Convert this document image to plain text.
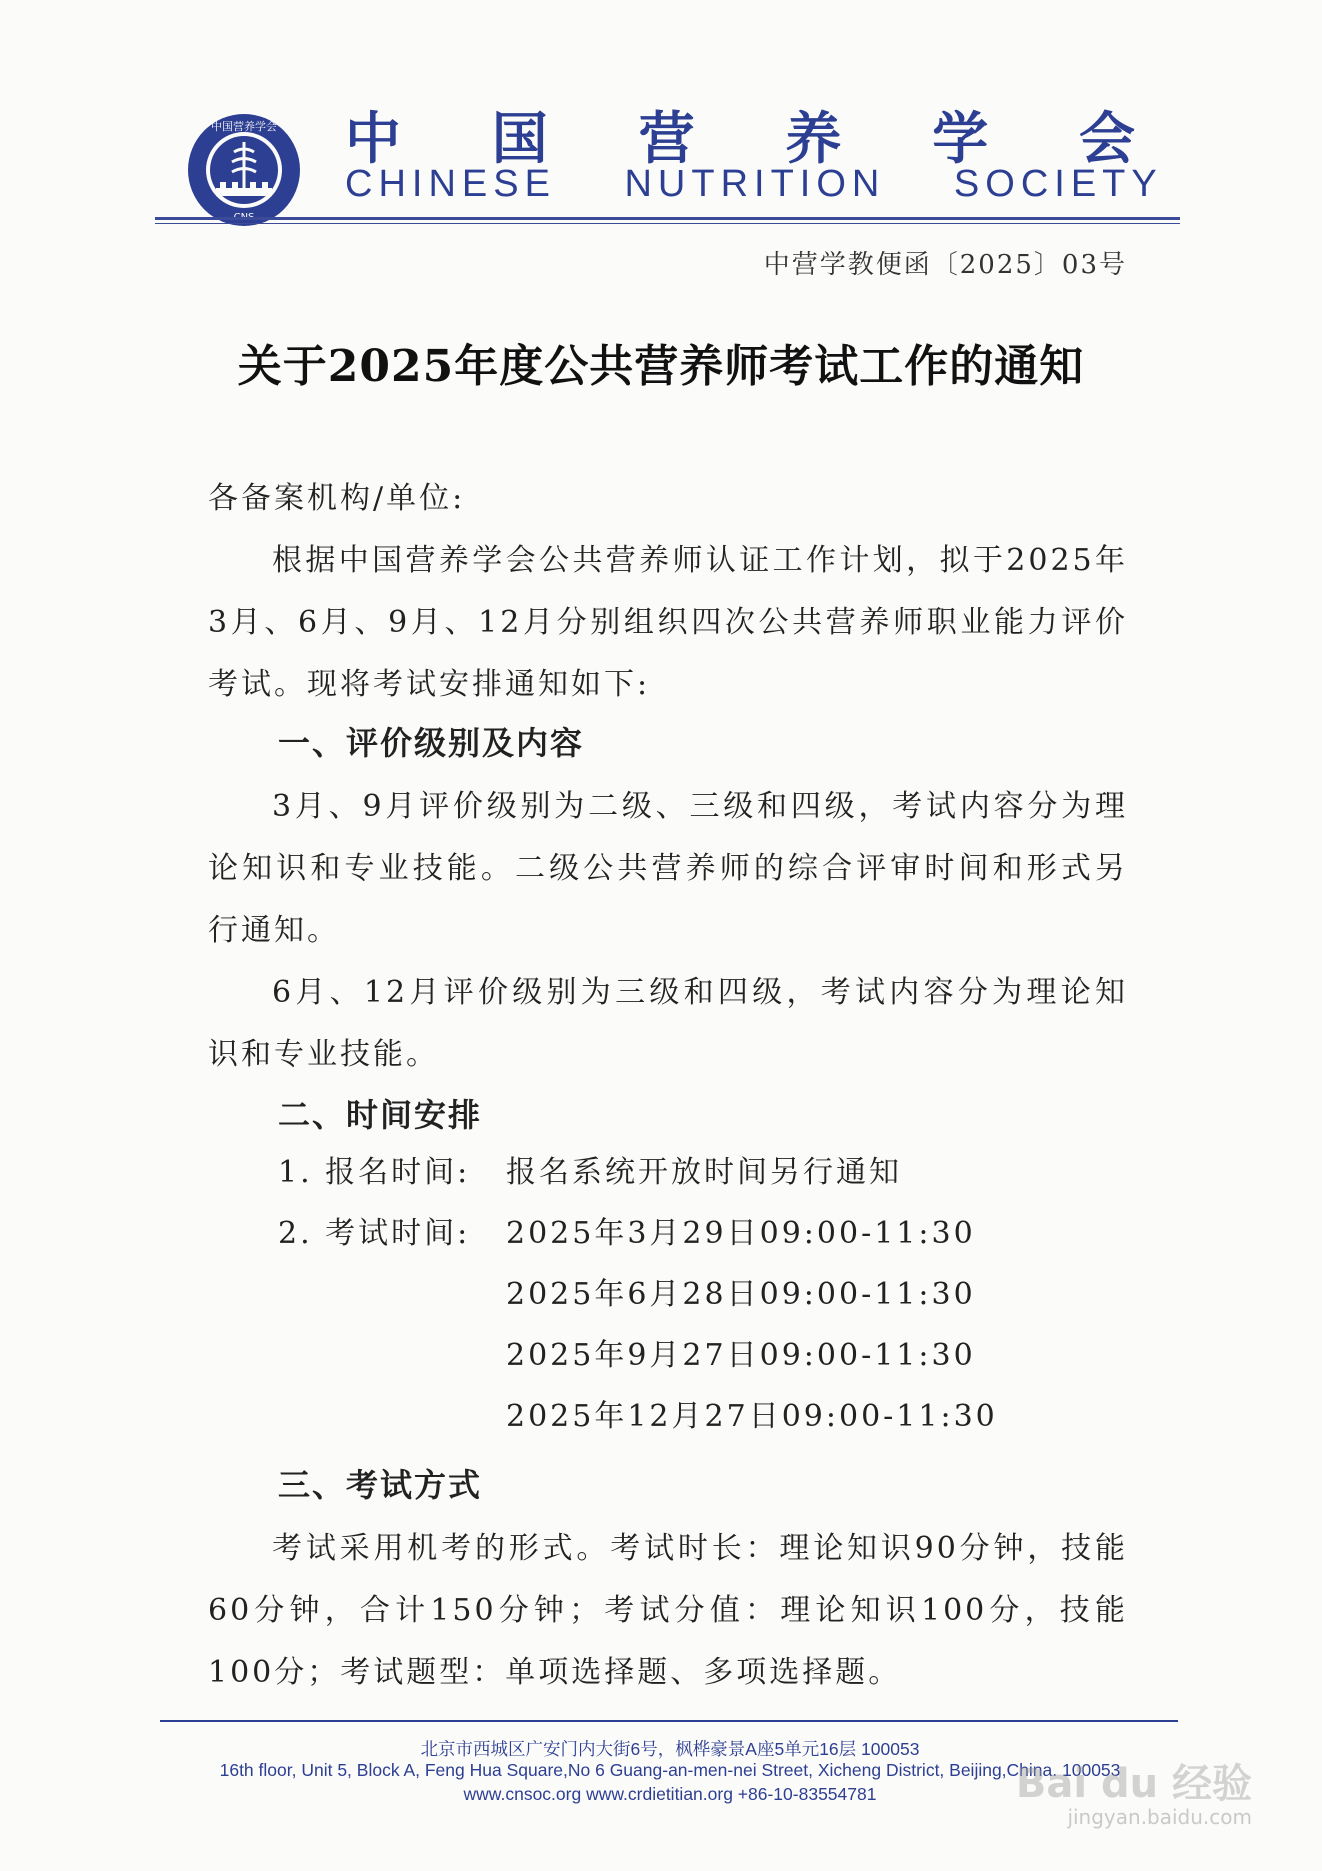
中国营养学会 中 国 营 养 学 会
CHINESE NUTRITION SOCIETY
中营学教便函〔2025〕03号
关于2025年度公共营养师考试工作的通知
各备案机构/单位:
根据中国营养学会公共营养师认证工作计划，拟于2025年3月、6月、9月、12月分别组织四次公共营养师职业能力评价考试。现将考试安排通知如下:
一、评价级别及内容
3月、9月评价级别为二级、三级和四级，考试内容分为理论知识和专业技能。二级公共营养师的综合评审时间和形式另行通知。
6月、12月评价级别为三级和四级，考试内容分为理论知识和专业技能。
二、时间安排
1. 报名时间: 报名系统开放时间另行通知
2. 考试时间: 2025年3月29日09:00-11:30
2025年6月28日09:00-11:30
2025年9月27日09:00-11:30
2025年12月27日09:00-11:30
三、考试方式
考试采用机考的形式。考试时长：理论知识90分钟，技能60分钟，合计150分钟；考试分值：理论知识100分，技能100分；考试题型：单项选择题、多项选择题。
北京市西城区广安门内大街6号，枫桦豪景A座5单元16层 100053
16th floor, Unit 5, Block A, Feng Hua Square,No 6 Guang-an-men-nei Street, Xicheng District, Beijing,China. 100053
www.cnsoc.org www.crdietitian.org +86-10-83554781	Bai du 经验
jingyan.baidu.com
